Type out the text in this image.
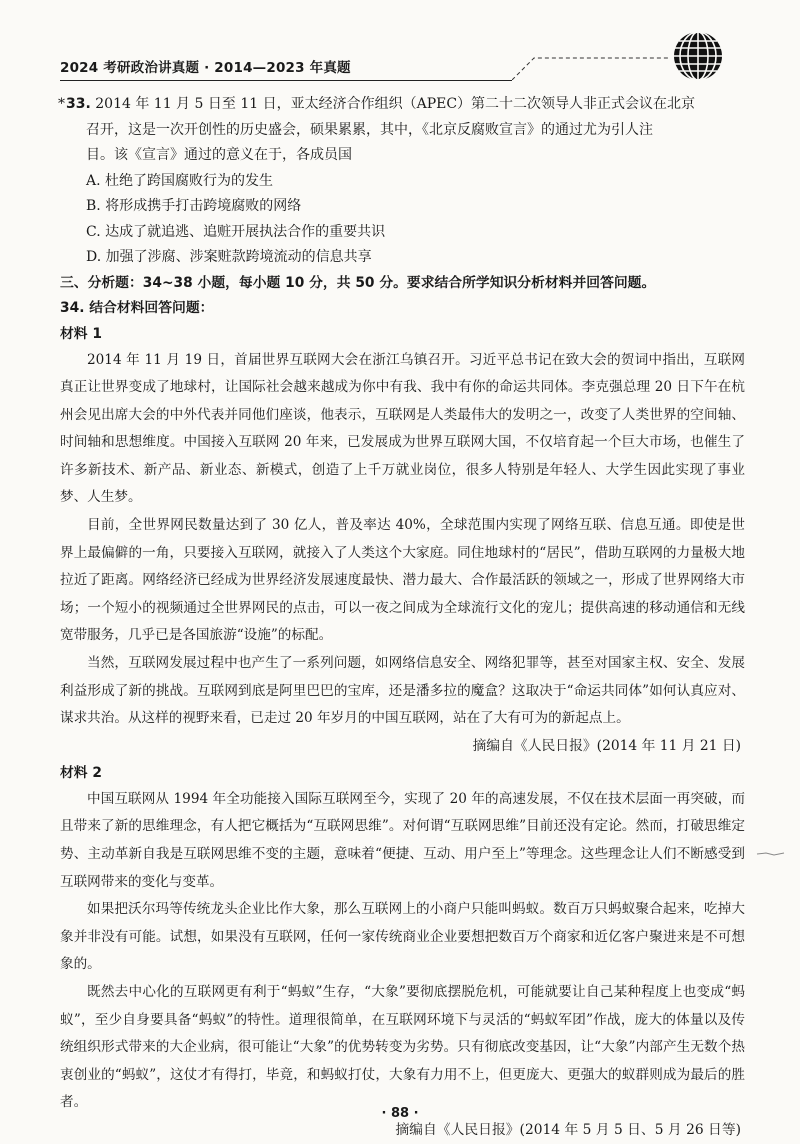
2024 考研政治讲真题 · 2014—2023 年真题
*33. 2014 年 11 月 5 日至 11 日，亚太经济合作组织（APEC）第二十二次领导人非正式会议在北京
召开，这是一次开创性的历史盛会，硕果累累，其中，《北京反腐败宣言》的通过尤为引人注
目。该《宣言》通过的意义在于，各成员国
A. 杜绝了跨国腐败行为的发生
B. 将形成携手打击跨境腐败的网络
C. 达成了就追逃、追赃开展执法合作的重要共识
D. 加强了涉腐、涉案赃款跨境流动的信息共享
三、分析题：34~38 小题，每小题 10 分，共 50 分。要求结合所学知识分析材料并回答问题。
34. 结合材料回答问题：
材料 1

2014 年 11 月 19 日，首届世界互联网大会在浙江乌镇召开。习近平总书记在致大会的贺词中指出，互联网真正让世界变成了地球村，让国际社会越来越成为你中有我、我中有你的命运共同体。李克强总理 20 日下午在杭州会见出席大会的中外代表并同他们座谈，他表示，互联网是人类最伟大的发明之一，改变了人类世界的空间轴、时间轴和思想维度。中国接入互联网 20 年来，已发展成为世界互联网大国，不仅培育起一个巨大市场，也催生了许多新技术、新产品、新业态、新模式，创造了上千万就业岗位，很多人特别是年轻人、大学生因此实现了事业梦、人生梦。

目前，全世界网民数量达到了 30 亿人，普及率达 40%，全球范围内实现了网络互联、信息互通。即使是世界上最偏僻的一角，只要接入互联网，就接入了人类这个大家庭。同住地球村的“居民”，借助互联网的力量极大地拉近了距离。网络经济已经成为世界经济发展速度最快、潜力最大、合作最活跃的领域之一，形成了世界网络大市场；一个短小的视频通过全世界网民的点击，可以一夜之间成为全球流行文化的宠儿；提供高速的移动通信和无线宽带服务，几乎已是各国旅游“设施”的标配。

当然，互联网发展过程中也产生了一系列问题，如网络信息安全、网络犯罪等，甚至对国家主权、安全、发展利益形成了新的挑战。互联网到底是阿里巴巴的宝库，还是潘多拉的魔盒？这取决于“命运共同体”如何认真应对、谋求共治。从这样的视野来看，已走过 20 年岁月的中国互联网，站在了大有可为的新起点上。

摘编自《人民日报》(2014 年 11 月 21 日)
材料 2

中国互联网从 1994 年全功能接入国际互联网至今，实现了 20 年的高速发展，不仅在技术层面一再突破，而且带来了新的思维理念，有人把它概括为“互联网思维”。对何谓“互联网思维”目前还没有定论。然而，打破思维定势、主动革新自我是互联网思维不变的主题，意味着“便捷、互动、用户至上”等理念。这些理念让人们不断感受到互联网带来的变化与变革。

如果把沃尔玛等传统龙头企业比作大象，那么互联网上的小商户只能叫蚂蚁。数百万只蚂蚁聚合起来，吃掉大象并非没有可能。试想，如果没有互联网，任何一家传统商业企业要想把数百万个商家和近亿客户聚进来是不可想象的。

既然去中心化的互联网更有利于“蚂蚁”生存，“大象”要彻底摆脱危机，可能就要让自己某种程度上也变成“蚂蚁”，至少自身要具备“蚂蚁”的特性。道理很简单，在互联网环境下与灵活的“蚂蚁军团”作战，庞大的体量以及传统组织形式带来的大企业病，很可能让“大象”的优势转变为劣势。只有彻底改变基因，让“大象”内部产生无数个热衷创业的“蚂蚁”，这仗才有得打，毕竟，和蚂蚁打仗，大象有力用不上，但更庞大、更强大的蚁群则成为最后的胜者。

摘编自《人民日报》(2014 年 5 月 5 日、5 月 26 日等)
· 88 ·
